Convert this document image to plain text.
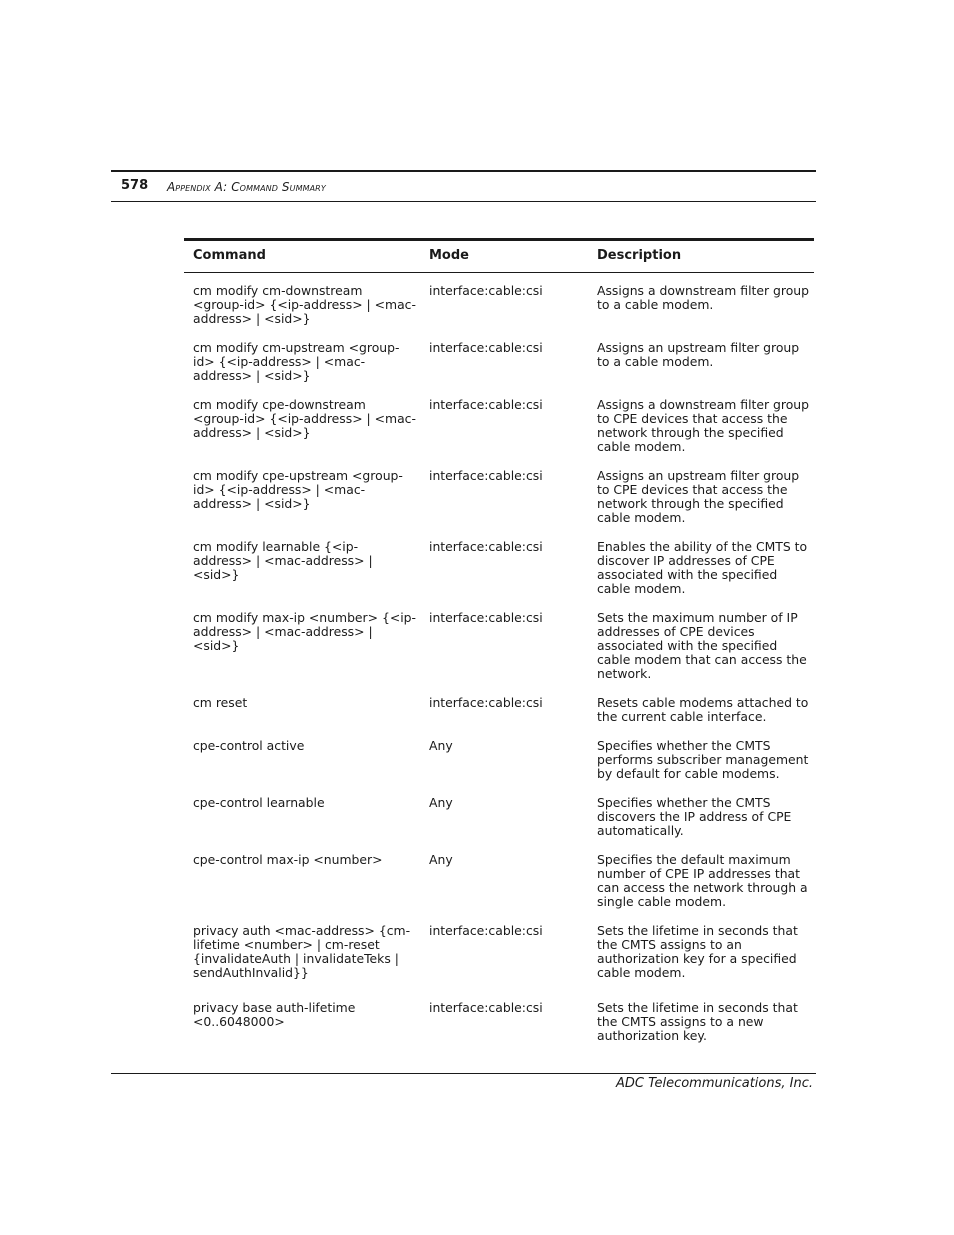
578 Appendix A: Command Summary
Command	Mode	Description
cm modify cm-downstream <group-id> {<ip-address> | <mac-address> | <sid>}	interface:cable:csi	Assigns a downstream filter group to a cable modem.
cm modify cm-upstream <group-id> {<ip-address> | <mac-address> | <sid>}	interface:cable:csi	Assigns an upstream filter group to a cable modem.
cm modify cpe-downstream <group-id> {<ip-address> | <mac-address> | <sid>}	interface:cable:csi	Assigns a downstream filter group to CPE devices that access the network through the specified cable modem.
cm modify cpe-upstream <group-id> {<ip-address> | <mac-address> | <sid>}	interface:cable:csi	Assigns an upstream filter group to CPE devices that access the network through the specified cable modem.
cm modify learnable {<ip-address> | <mac-address> | <sid>}	interface:cable:csi	Enables the ability of the CMTS to discover IP addresses of CPE associated with the specified cable modem.
cm modify max-ip <number> {<ip-address> | <mac-address> | <sid>}	interface:cable:csi	Sets the maximum number of IP addresses of CPE devices associated with the specified cable modem that can access the network.
cm reset	interface:cable:csi	Resets cable modems attached to the current cable interface.
cpe-control active	Any	Specifies whether the CMTS performs subscriber management by default for cable modems.
cpe-control learnable	Any	Specifies whether the CMTS discovers the IP address of CPE automatically.
cpe-control max-ip <number>	Any	Specifies the default maximum number of CPE IP addresses that can access the network through a single cable modem.
privacy auth <mac-address> {cm-lifetime <number> | cm-reset {invalidateAuth | invalidateTeks | sendAuthInvalid}}	interface:cable:csi	Sets the lifetime in seconds that the CMTS assigns to an authorization key for a specified cable modem.
privacy base auth-lifetime <0..6048000>	interface:cable:csi	Sets the lifetime in seconds that the CMTS assigns to a new authorization key.
ADC Telecommunications, Inc.
